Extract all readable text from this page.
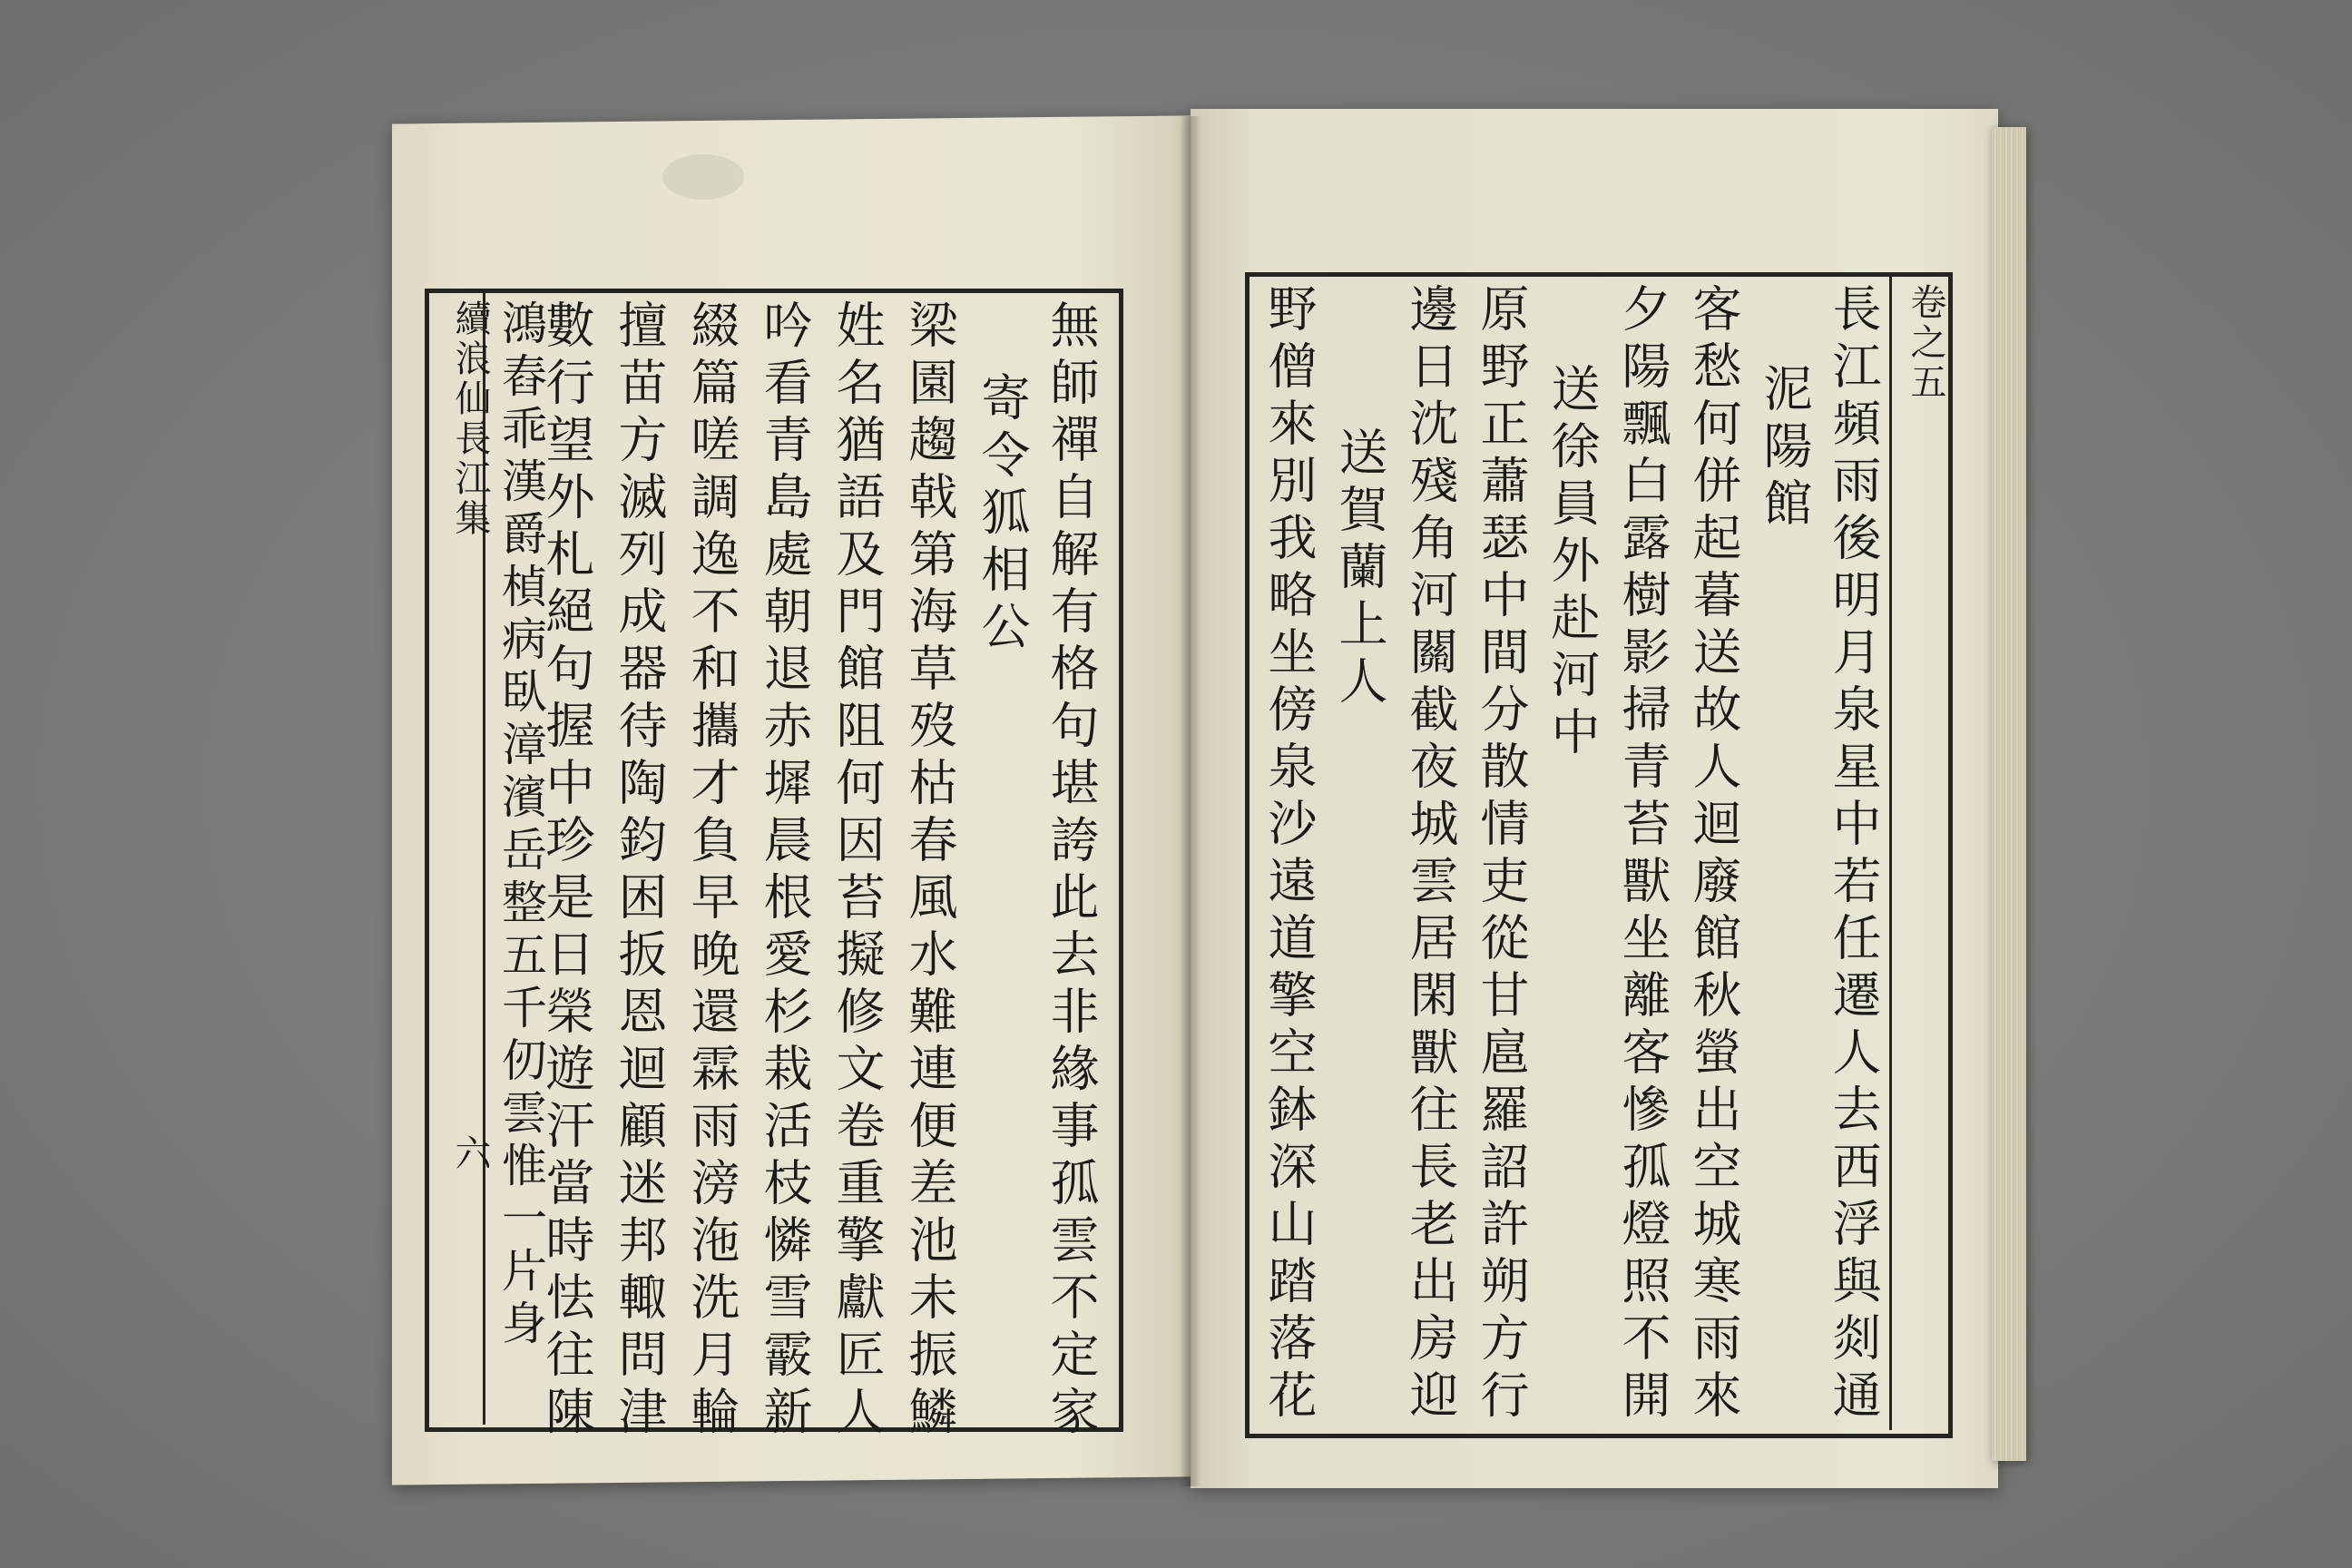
續浪仙長江集
六	無師禪自解有格句堪誇此去非緣事孤雲不定家
寄令狐相公
梁園趨戟第海草歿枯春風水難連便差池未振鱗
姓名猶語及門館阻何因苔擬修文卷重擎獻匠人
吟看青島處朝退赤墀晨根愛杉栽活枝憐雪霰新
綴篇嗟調逸不和攜才負早晚還霖雨滂沲洗月輪
擅苗方滅列成器待陶鈞困扳恩迴顧迷邦輙問津
數行望外札絕句握中珍是日榮遊汗當時怯往陳
鴻舂乖漢爵楨病臥漳濱岳整五千仞雲惟一片身	卷之五
長江頻雨後明月泉星中若任遷人去西浮與剡通
泥陽館
客愁何併起暮送故人迴廢館秋螢出空城寒雨來
夕陽飄白露樹影掃青苔獸坐離客慘孤燈照不開
送徐員外赴河中
原野正蕭瑟中間分散情吏從甘扈羅詔許朔方行
邊日沈殘角河關截夜城雲居閑獸往長老出房迎
送賀蘭上人
野僧來別我略坐傍泉沙遠道擎空鉢深山踏落花
